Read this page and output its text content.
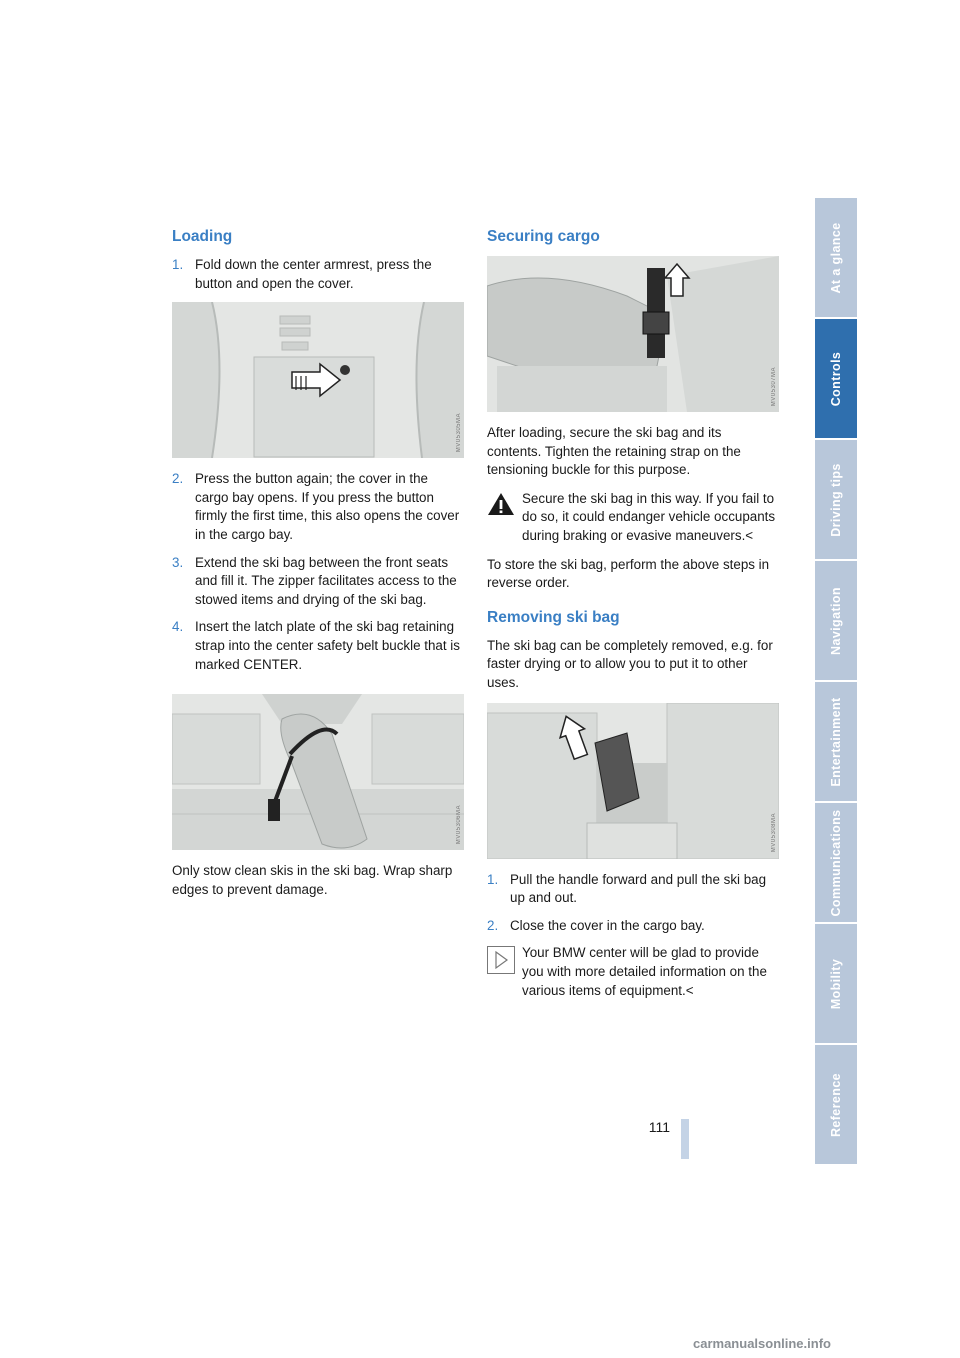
Loading
1. Fold down the center armrest, press the button and open the cover.
MV05305MA
2. Press the button again; the cover in the cargo bay opens. If you press the button firmly the first time, this also opens the cover in the cargo bay.
3. Extend the ski bag between the front seats and fill it. The zipper facilitates access to the stowed items and drying of the ski bag.
4. Insert the latch plate of the ski bag retaining strap into the center safety belt buckle that is marked CENTER.
MV05306MA

Only stow clean skis in the ski bag. Wrap sharp edges to prevent damage.

Securing cargo
MV05307MA

After loading, secure the ski bag and its contents. Tighten the retaining strap on the tensioning buckle for this purpose.

Secure the ski bag in this way. If you fail to do so, it could endanger vehicle occupants during braking or evasive maneuvers.<

To store the ski bag, perform the above steps in reverse order.

Removing ski bag

The ski bag can be completely removed, e.g. for faster drying or to allow you to put it to other uses.

MV05308MA
1. Pull the handle forward and pull the ski bag up and out.
2. Close the cover in the cargo bay.
Your BMW center will be glad to provide you with more detailed information on the various items of equipment.<
At a glance
Controls
Driving tips
Navigation
Entertainment
Communications
Mobility
Reference
111
carmanualsonline.info
